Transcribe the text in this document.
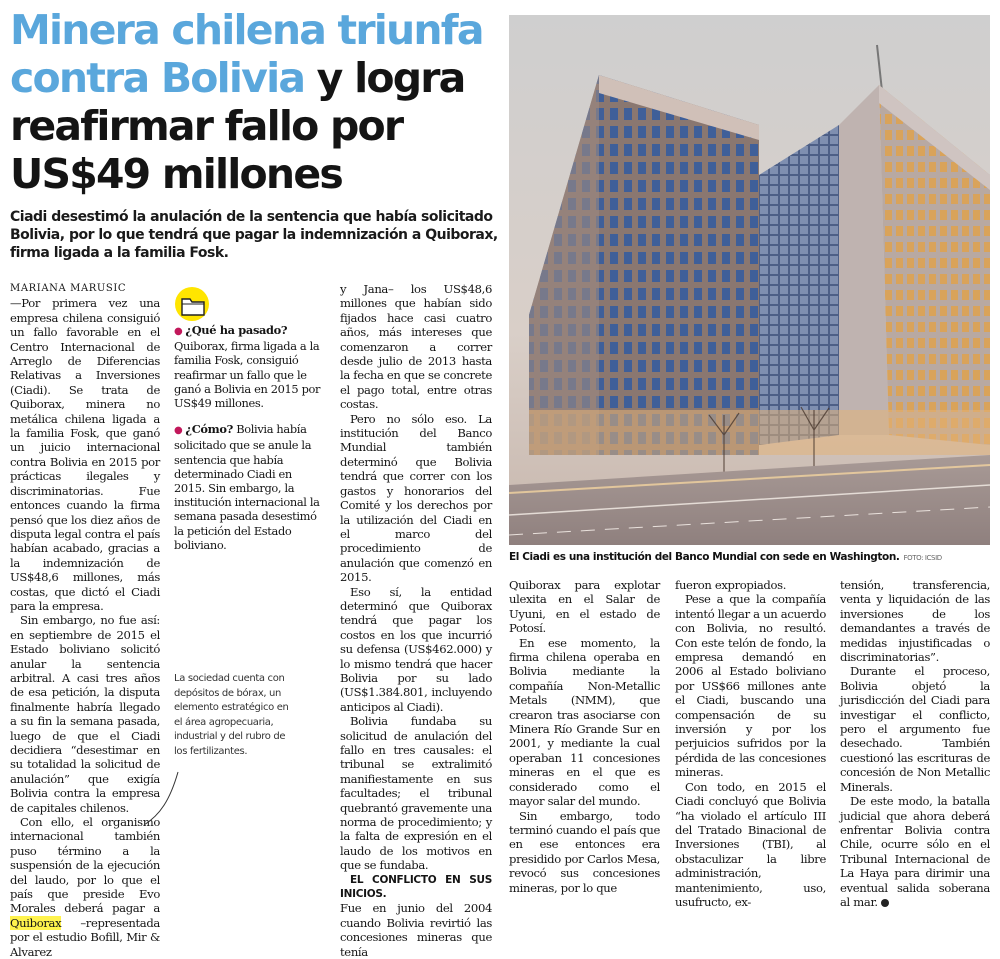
Minera chilena triunfa contra Bolivia y logra reafirmar fallo por US$49 millones
Ciadi desestimó la anulación de la sentencia que había solicitado Bolivia, por lo que tendrá que pagar la indemnización a Quiborax, firma ligada a la familia Fosk.
El Ciadi es una institución del Banco Mundial con sede en Washington. FOTO: ICSID

MARIANA MARUSIC

—Por primera vez una empresa chilena consiguió un fallo favorable en el Centro Internacional de Arreglo de Diferencias Relativas a Inversiones (Ciadi). Se trata de Quiborax, minera no metálica chilena ligada a la familia Fosk, que ganó un juicio internacional contra Bolivia en 2015 por prácticas ilegales y discriminatorias. Fue entonces cuando la firma pensó que los diez años de disputa legal contra el país habían acabado, gracias a la indemnización de US$48,6 millones, más costas, que dictó el Ciadi para la empresa.

Sin embargo, no fue así: en septiembre de 2015 el Estado boliviano solicitó anular la sentencia arbitral. A casi tres años de esa petición, la disputa finalmente habría llegado a su fin la semana pasada, luego de que el Ciadi decidiera “desestimar en su totalidad la solicitud de anulación” que exigía Bolivia contra la empresa de capitales chilenos.

Con ello, el organismo internacional también puso término a la suspensión de la ejecución del laudo, por lo que el país que preside Evo Morales deberá pagar a Quiborax –representada por el estudio Bofill, Mir & Alvarez

● ¿Qué ha pasado? Quiborax, firma ligada a la familia Fosk, consiguió reafirmar un fallo que le ganó a Bolivia en 2015 por US$49 millones.
● ¿Cómo? Bolivia había solicitado que se anule la sentencia que había determinado Ciadi en 2015. Sin embargo, la institución internacional la semana pasada desestimó la petición del Estado boliviano.
La sociedad cuenta con depósitos de bórax, un elemento estratégico en el área agropecuaria, industrial y del rubro de los fertilizantes.

y Jana– los US$48,6 millones que habían sido fijados hace casi cuatro años, más intereses que comenzaron a correr desde julio de 2013 hasta la fecha en que se concrete el pago total, entre otras costas.

Pero no sólo eso. La institución del Banco Mundial también determinó que Bolivia tendrá que correr con los gastos y honorarios del Comité y los derechos por la utilización del Ciadi en el marco del procedimiento de anulación que comenzó en 2015.

Eso sí, la entidad determinó que Quiborax tendrá que pagar los costos en los que incurrió su defensa (US$462.000) y lo mismo tendrá que hacer Bolivia por su lado (US$1.384.801, incluyendo anticipos al Ciadi).

Bolivia fundaba su solicitud de anulación del fallo en tres causales: el tribunal se extralimitó manifiestamente en sus facultades; el tribunal quebrantó gravemente una norma de procedimiento; y la falta de expresión en el laudo de los motivos en que se fundaba.

EL CONFLICTO EN SUS INICIOS.

Fue en junio del 2004 cuando Bolivia revirtió las concesiones mineras que tenía

Quiborax para explotar ulexita en el Salar de Uyuni, en el estado de Potosí.

En ese momento, la firma chilena operaba en Bolivia mediante la compañía Non-Metallic Metals (NMM), que crearon tras asociarse con Minera Río Grande Sur en 2001, y mediante la cual operaban 11 concesiones mineras en el que es considerado como el mayor salar del mundo.

Sin embargo, todo terminó cuando el país que en ese entonces era presidido por Carlos Mesa, revocó sus concesiones mineras, por lo que

fueron expropiados.

Pese a que la compañía intentó llegar a un acuerdo con Bolivia, no resultó. Con este telón de fondo, la empresa demandó en 2006 al Estado boliviano por US$66 millones ante el Ciadi, buscando una compensación de su inversión y por los perjuicios sufridos por la pérdida de las concesiones mineras.

Con todo, en 2015 el Ciadi concluyó que Bolivia “ha violado el artículo III del Tratado Binacional de Inversiones (TBI), al obstaculizar la libre administración, mantenimiento, uso, usufructo, ex-

tensión, transferencia, venta y liquidación de las inversiones de los demandantes a través de medidas injustificadas o discriminatorias”.

Durante el proceso, Bolivia objetó la jurisdicción del Ciadi para investigar el conflicto, pero el argumento fue desechado. También cuestionó las escrituras de concesión de Non Metallic Minerals.

De este modo, la batalla judicial que ahora deberá enfrentar Bolivia contra Chile, ocurre sólo en el Tribunal Internacional de La Haya para dirimir una eventual salida soberana al mar.
